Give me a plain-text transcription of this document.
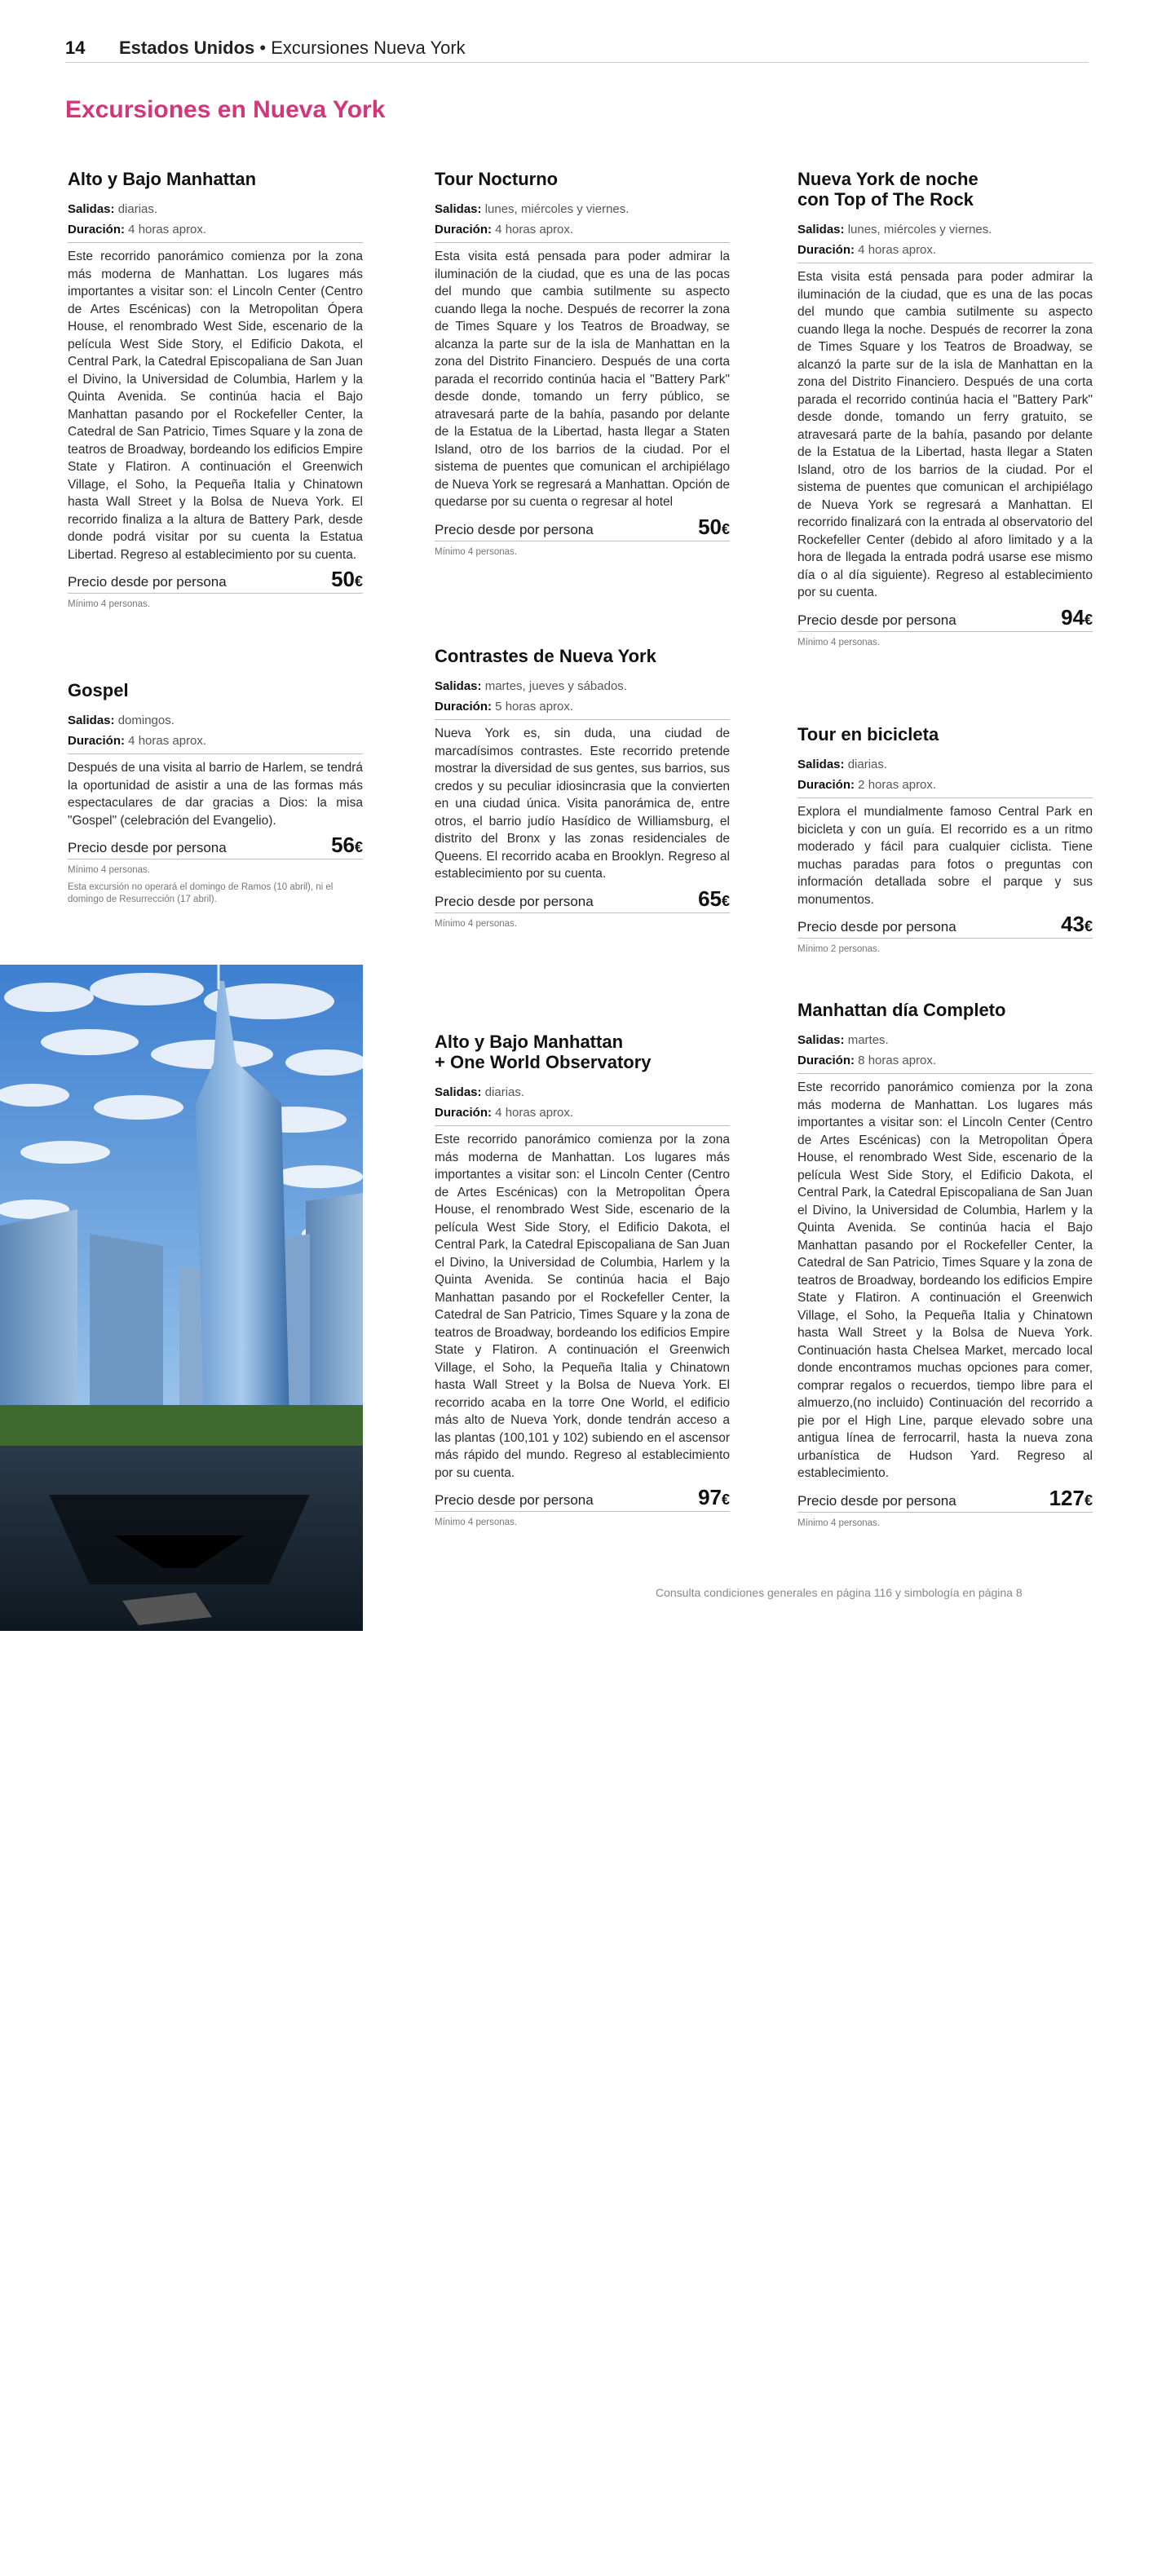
14 Estados Unidos • Excursiones Nueva York
Excursiones en Nueva York
Alto y Bajo Manhattan
Salidas: diarias.
Duración: 4 horas aprox.

Este recorrido panorámico comienza por la zona más moderna de Manhattan. Los lugares más importantes a visitar son: el Lincoln Center (Centro de Artes Escénicas) con la Metropolitan Ópera House, el renombrado West Side, escenario de la película West Side Story, el Edificio Dakota, el Central Park, la Catedral Episcopaliana de San Juan el Divino, la Universidad de Columbia, Harlem y la Quinta Avenida. Se continúa hacia el Bajo Manhattan pasando por el Rockefeller Center, la Catedral de San Patricio, Times Square y la zona de teatros de Broadway, bordeando los edificios Empire State y Flatiron. A continuación el Greenwich Village, el Soho, la Pequeña Italia y Chinatown hasta Wall Street y la Bolsa de Nueva York. El recorrido finaliza a la altura de Battery Park, desde donde podrá visitar por su cuenta la Estatua Libertad. Regreso al establecimiento por su cuenta.

Precio desde por persona	50€
Mínimo 4 personas.
Gospel
Salidas: domingos.
Duración: 4 horas aprox.

Después de una visita al barrio de Harlem, se tendrá la oportunidad de asistir a una de las formas más espectaculares de dar gracias a Dios: la misa "Gospel" (celebración del Evangelio).

Precio desde por persona	56€
Mínimo 4 personas.
Esta excursión no operará el domingo de Ramos (10 abril), ni el domingo de Resurrección (17 abril).
Tour Nocturno
Salidas: lunes, miércoles y viernes.
Duración: 4 horas aprox.

Esta visita está pensada para poder admirar la iluminación de la ciudad, que es una de las pocas del mundo que cambia sutilmente su aspecto cuando llega la noche. Después de recorrer la zona de Times Square y los Teatros de Broadway, se alcanza la parte sur de la isla de Manhattan en la zona del Distrito Financiero. Después de una corta parada el recorrido continúa hacia el "Battery Park" desde donde, tomando un ferry público, se atravesará parte de la bahía, pasando por delante de la Estatua de la Libertad, hasta llegar a Staten Island, otro de los barrios de la ciudad. Por el sistema de puentes que comunican el archipiélago de Nueva York se regresará a Manhattan. Opción de quedarse por su cuenta o regresar al hotel

Precio desde por persona	50€
Mínimo 4 personas.
Contrastes de Nueva York
Salidas: martes, jueves y sábados.
Duración: 5 horas aprox.

Nueva York es, sin duda, una ciudad de marcadísimos contrastes. Este recorrido pretende mostrar la diversidad de sus gentes, sus barrios, sus credos y su peculiar idiosincrasia que la convierten en una ciudad única. Visita panorámica de, entre otros, el barrio judío Hasídico de Williamsburg, el distrito del Bronx y las zonas residenciales de Queens. El recorrido acaba en Brooklyn. Regreso al establecimiento por su cuenta.

Precio desde por persona	65€
Mínimo 4 personas.
Alto y Bajo Manhattan
+ One World Observatory
Salidas: diarias.
Duración: 4 horas aprox.

Este recorrido panorámico comienza por la zona más moderna de Manhattan. Los lugares más importantes a visitar son: el Lincoln Center (Centro de Artes Escénicas) con la Metropolitan Ópera House, el renombrado West Side, escenario de la película West Side Story, el Edificio Dakota, el Central Park, la Catedral Episcopaliana de San Juan el Divino, la Universidad de Columbia, Harlem y la Quinta Avenida. Se continúa hacia el Bajo Manhattan pasando por el Rockefeller Center, la Catedral de San Patricio, Times Square y la zona de teatros de Broadway, bordeando los edificios Empire State y Flatiron. A continuación el Greenwich Village, el Soho, la Pequeña Italia y Chinatown hasta Wall Street y la Bolsa de Nueva York. El recorrido acaba en la torre One World, el edificio más alto de Nueva York, donde tendrán acceso a las plantas (100,101 y 102) subiendo en el ascensor más rápido del mundo. Regreso al establecimiento por su cuenta.

Precio desde por persona	97€
Mínimo 4 personas.
Nueva York de noche
con Top of The Rock
Salidas: lunes, miércoles y viernes.
Duración: 4 horas aprox.

Esta visita está pensada para poder admirar la iluminación de la ciudad, que es una de las pocas del mundo que cambia sutilmente su aspecto cuando llega la noche. Después de recorrer la zona de Times Square y los Teatros de Broadway, se alcanzó la parte sur de la isla de Manhattan en la zona del Distrito Financiero. Después de una corta parada el recorrido continúa hacia el "Battery Park" desde donde, tomando un ferry gratuito, se atravesará parte de la bahía, pasando por delante de la Estatua de la Libertad, hasta llegar a Staten Island, otro de los barrios de la ciudad. Por el sistema de puentes que comunican el archipiélago de Nueva York se regresará a Manhattan. El recorrido finalizará con la entrada al observatorio del Rockefeller Center (debido al aforo limitado y a la hora de llegada la entrada podrá usarse ese mismo día o al día siguiente). Regreso al establecimiento por su cuenta.

Precio desde por persona	94€
Mínimo 4 personas.
Tour en bicicleta
Salidas: diarias.
Duración: 2 horas aprox.

Explora el mundialmente famoso Central Park en bicicleta y con un guía. El recorrido es a un ritmo moderado y fácil para cualquier ciclista. Tiene muchas paradas para fotos o preguntas con información detallada sobre el parque y sus monumentos.

Precio desde por persona	43€
Mínimo 2 personas.
Manhattan día Completo
Salidas: martes.
Duración: 8 horas aprox.

Este recorrido panorámico comienza por la zona más moderna de Manhattan. Los lugares más importantes a visitar son: el Lincoln Center (Centro de Artes Escénicas) con la Metropolitan Ópera House, el renombrado West Side, escenario de la película West Side Story, el Edificio Dakota, el Central Park, la Catedral Episcopaliana de San Juan el Divino, la Universidad de Columbia, Harlem y la Quinta Avenida. Se continúa hacia el Bajo Manhattan pasando por el Rockefeller Center, la Catedral de San Patricio, Times Square y la zona de teatros de Broadway, bordeando los edificios Empire State y Flatiron. A continuación el Greenwich Village, el Soho, la Pequeña Italia y Chinatown hasta Wall Street y la Bolsa de Nueva York. Continuación hasta Chelsea Market, mercado local donde encontramos muchas opciones para comer, comprar regalos o recuerdos, tiempo libre para el almuerzo,(no incluido) Continuación del recorrido a pie por el High Line, parque elevado sobre una antigua línea de ferrocarril, hasta la nueva zona urbanística de Hudson Yard. Regreso al establecimiento.

Precio desde por persona	127€
Mínimo 4 personas.
Nueva York
Consulta condiciones generales en página 116 y simbología en página 8
